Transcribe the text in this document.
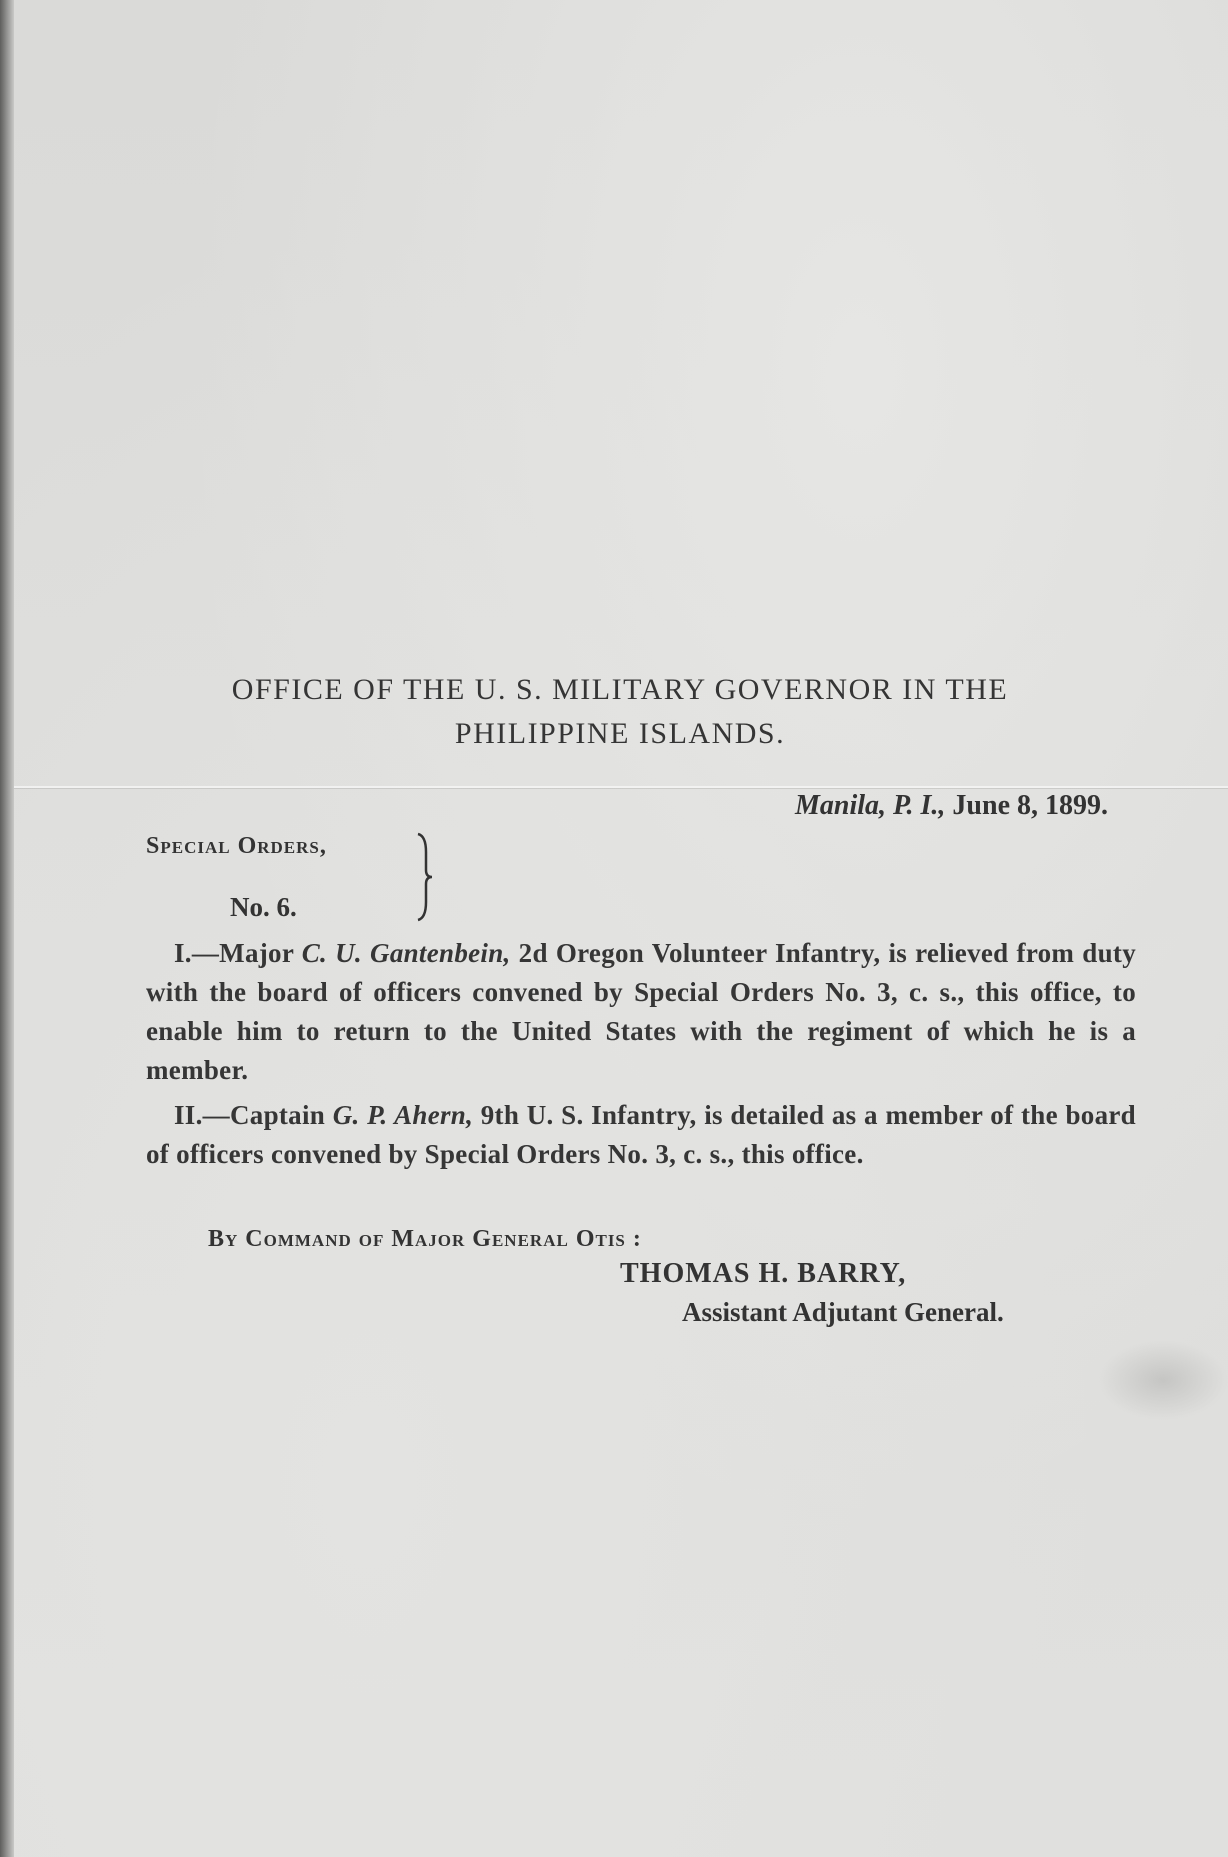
OFFICE OF THE U. S. MILITARY GOVERNOR IN THE
PHILIPPINE ISLANDS.
Manila, P. I., June 8, 1899.
Special Orders,
No. 6.
I.—Major C. U. Gantenbein, 2d Oregon Volunteer Infantry, is relieved from duty with the board of officers convened by Special Orders No. 3, c. s., this office, to enable him to return to the United States with the regiment of which he is a member.
II.—Captain G. P. Ahern, 9th U. S. Infantry, is detailed as a member of the board of officers convened by Special Orders No. 3, c. s., this office.
By Command of Major General Otis :
THOMAS H. BARRY,
Assistant Adjutant General.
